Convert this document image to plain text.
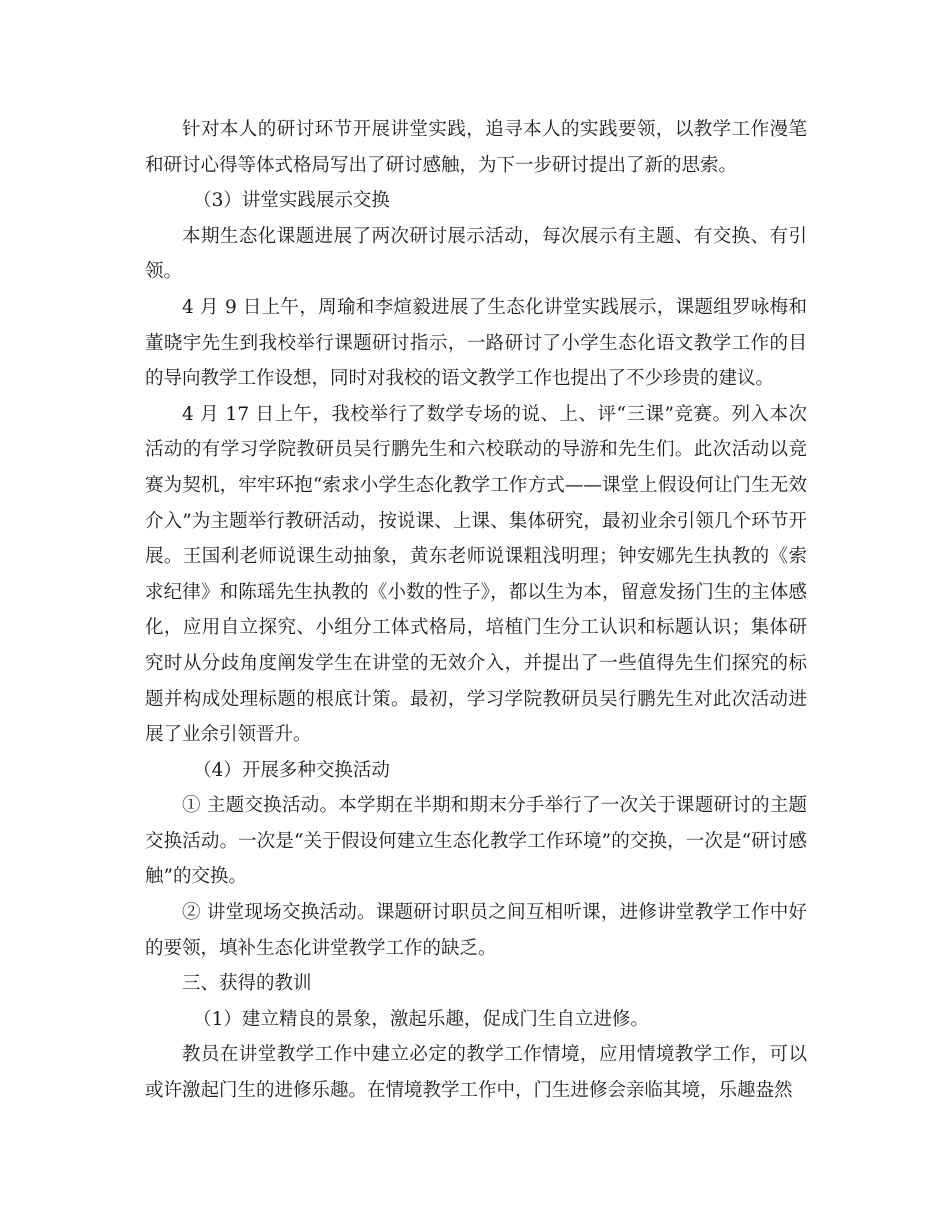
针对本人的研讨环节开展讲堂实践，追寻本人的实践要领，以教学工作漫笔和研讨心得等体式格局写出了研讨感触，为下一步研讨提出了新的思索。

（3）讲堂实践展示交换

本期生态化课题进展了两次研讨展示活动，每次展示有主题、有交换、有引领。

4 月 9 日上午，周瑜和李煊毅进展了生态化讲堂实践展示，课题组罗咏梅和董晓宇先生到我校举行课题研讨指示，一路研讨了小学生态化语文教学工作的目的导向教学工作设想，同时对我校的语文教学工作也提出了不少珍贵的建议。

4 月 17 日上午，我校举行了数学专场的说、上、评“三课”竞赛。列入本次活动的有学习学院教研员吴行鹏先生和六校联动的导游和先生们。此次活动以竞赛为契机，牢牢环抱“索求小学生态化教学工作方式——课堂上假设何让门生无效介入”为主题举行教研活动，按说课、上课、集体研究，最初业余引领几个环节开展。王国利老师说课生动抽象，黄东老师说课粗浅明理；钟安娜先生执教的《索求纪律》和陈瑶先生执教的《小数的性子》，都以生为本，留意发扬门生的主体感化，应用自立探究、小组分工体式格局，培植门生分工认识和标题认识；集体研究时从分歧角度阐发学生在讲堂的无效介入，并提出了一些值得先生们探究的标题并构成处理标题的根底计策。最初，学习学院教研员吴行鹏先生对此次活动进展了业余引领晋升。

（4）开展多种交换活动

① 主题交换活动。本学期在半期和期末分手举行了一次关于课题研讨的主题交换活动。一次是“关于假设何建立生态化教学工作环境”的交换，一次是“研讨感触”的交换。

② 讲堂现场交换活动。课题研讨职员之间互相听课，进修讲堂教学工作中好的要领，填补生态化讲堂教学工作的缺乏。

三、获得的教训

（1）建立精良的景象，激起乐趣，促成门生自立进修。

教员在讲堂教学工作中建立必定的教学工作情境，应用情境教学工作，可以或许激起门生的进修乐趣。在情境教学工作中，门生进修会亲临其境，乐趣盎然
